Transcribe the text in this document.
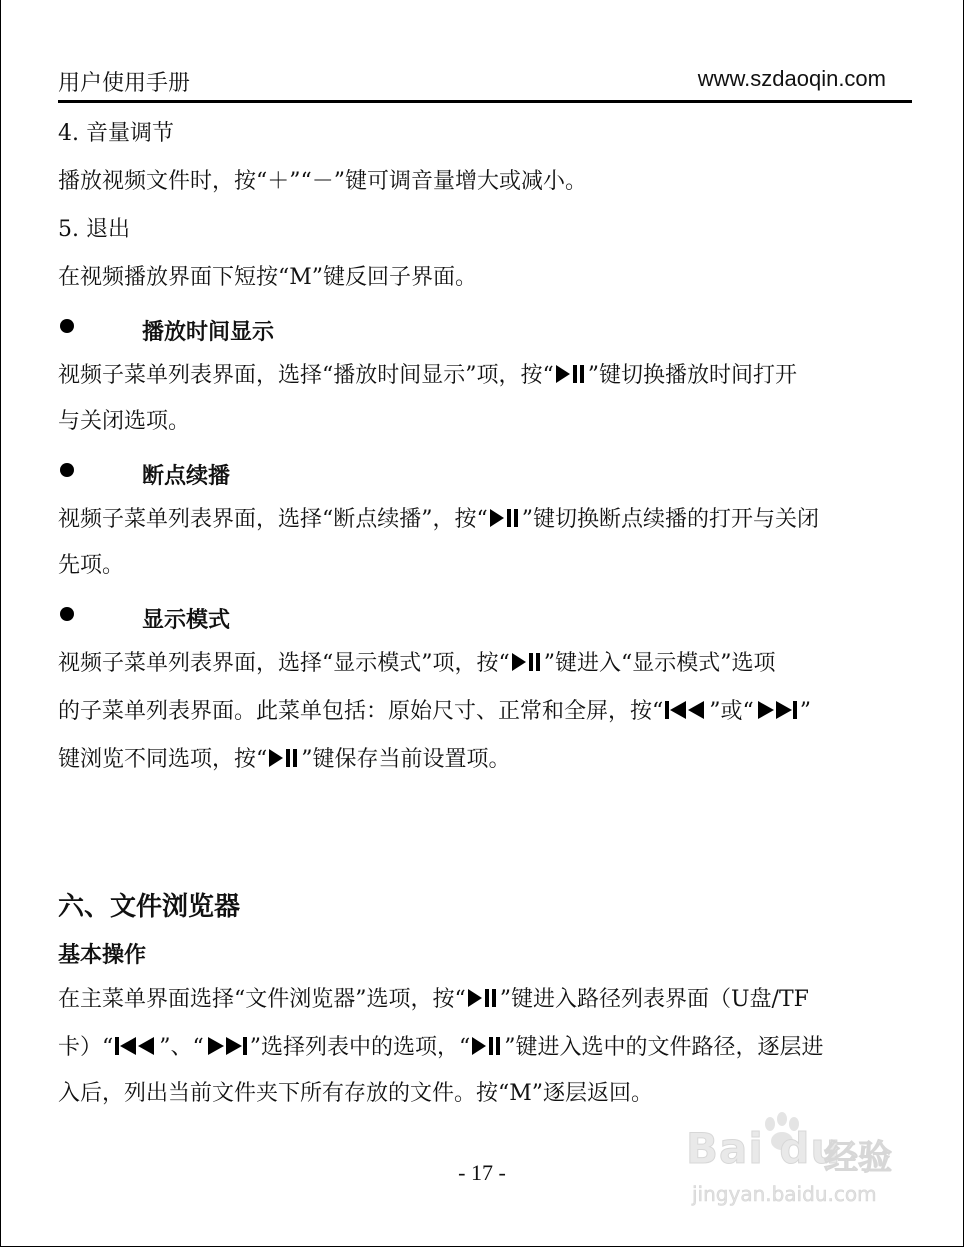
用户使用手册	www.szdaoqin.com
4. 音量调节
播放视频文件时，按“＋”“－”键可调音量增大或减小。
5. 退出
在视频播放界面下短按“M”键反回子界面。
播放时间显示
视频子菜单列表界面，选择“播放时间显示”项，按“ ”键切换播放时间打开
与关闭选项。
断点续播
视频子菜单列表界面，选择“断点续播”，按“ ”键切换断点续播的打开与关闭
先项。
显示模式
视频子菜单列表界面，选择“显示模式”项，按“ ”键进入“显示模式”选项
的子菜单列表界面。此菜单包括：原始尺寸、正常和全屏，按“ ”或“ ”
键浏览不同选项，按“ ”键保存当前设置项。
六、文件浏览器
基本操作
在主菜单界面选择“文件浏览器”选项，按“ ”键进入路径列表界面（U盘/TF
卡）“ ”、“ ”选择列表中的选项，“ ”键进入选中的文件路径，逐层进
入后，列出当前文件夹下所有存放的文件。按“M”逐层返回。
- 17 -	Bai du
经验
jingyan.baidu.com
